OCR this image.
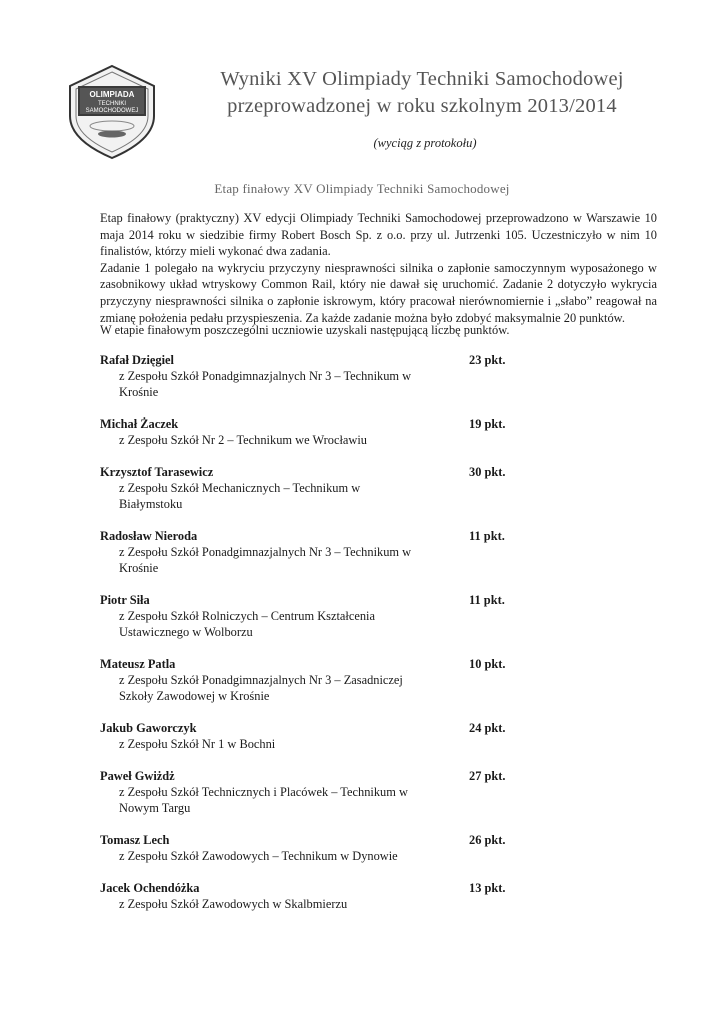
OLIMPIADA
TECHNIKI
SAMOCHODOWEJ
Wyniki XV Olimpiady Techniki Samochodowej
przeprowadzonej w roku szkolnym 2013/2014
(wyciąg z protokołu)
Etap finałowy XV Olimpiady Techniki Samochodowej

Etap finałowy (praktyczny) XV edycji Olimpiady Techniki Samochodowej przeprowadzono w Warszawie 10 maja 2014 roku w siedzibie firmy Robert Bosch Sp. z o.o. przy ul. Jutrzenki 105. Uczestniczyło w nim 10 finalistów, którzy mieli wykonać dwa zadania.

Zadanie 1 polegało na wykryciu przyczyny niesprawności silnika o zapłonie samoczynnym wyposażonego w zasobnikowy układ wtryskowy Common Rail, który nie dawał się uruchomić. Zadanie 2 dotyczyło wykrycia przyczyny niesprawności silnika o zapłonie iskrowym, który pracował nierównomiernie i „słabo” reagował na zmianę położenia pedału przyspieszenia. Za każde zadanie można było zdobyć maksymalnie 20 punktów.

W etapie finałowym poszczególni uczniowie uzyskali następującą liczbę punktów.
Rafał Dzięgiel
z Zespołu Szkół Ponadgimnazjalnych Nr 3 – Technikum w Krośnie
23 pkt.
Michał Żaczek
z Zespołu Szkół Nr 2 – Technikum we Wrocławiu
19 pkt.
Krzysztof Tarasewicz
z Zespołu Szkół Mechanicznych – Technikum w Białymstoku
30 pkt.
Radosław Nieroda
z Zespołu Szkół Ponadgimnazjalnych Nr 3 – Technikum w Krośnie
11 pkt.
Piotr Siła
z Zespołu Szkół Rolniczych – Centrum Kształcenia Ustawicznego w Wolborzu
11 pkt.
Mateusz Patla
z Zespołu Szkół Ponadgimnazjalnych Nr 3 – Zasadniczej Szkoły Zawodowej w Krośnie
10 pkt.
Jakub Gaworczyk
z Zespołu Szkół Nr 1 w Bochni
24 pkt.
Paweł Gwiżdż
z Zespołu Szkół Technicznych i Placówek – Technikum w Nowym Targu
27 pkt.
Tomasz Lech
z Zespołu Szkół Zawodowych – Technikum w Dynowie
26 pkt.
Jacek Ochendóżka
z Zespołu Szkół Zawodowych w Skalbmierzu
13 pkt.
